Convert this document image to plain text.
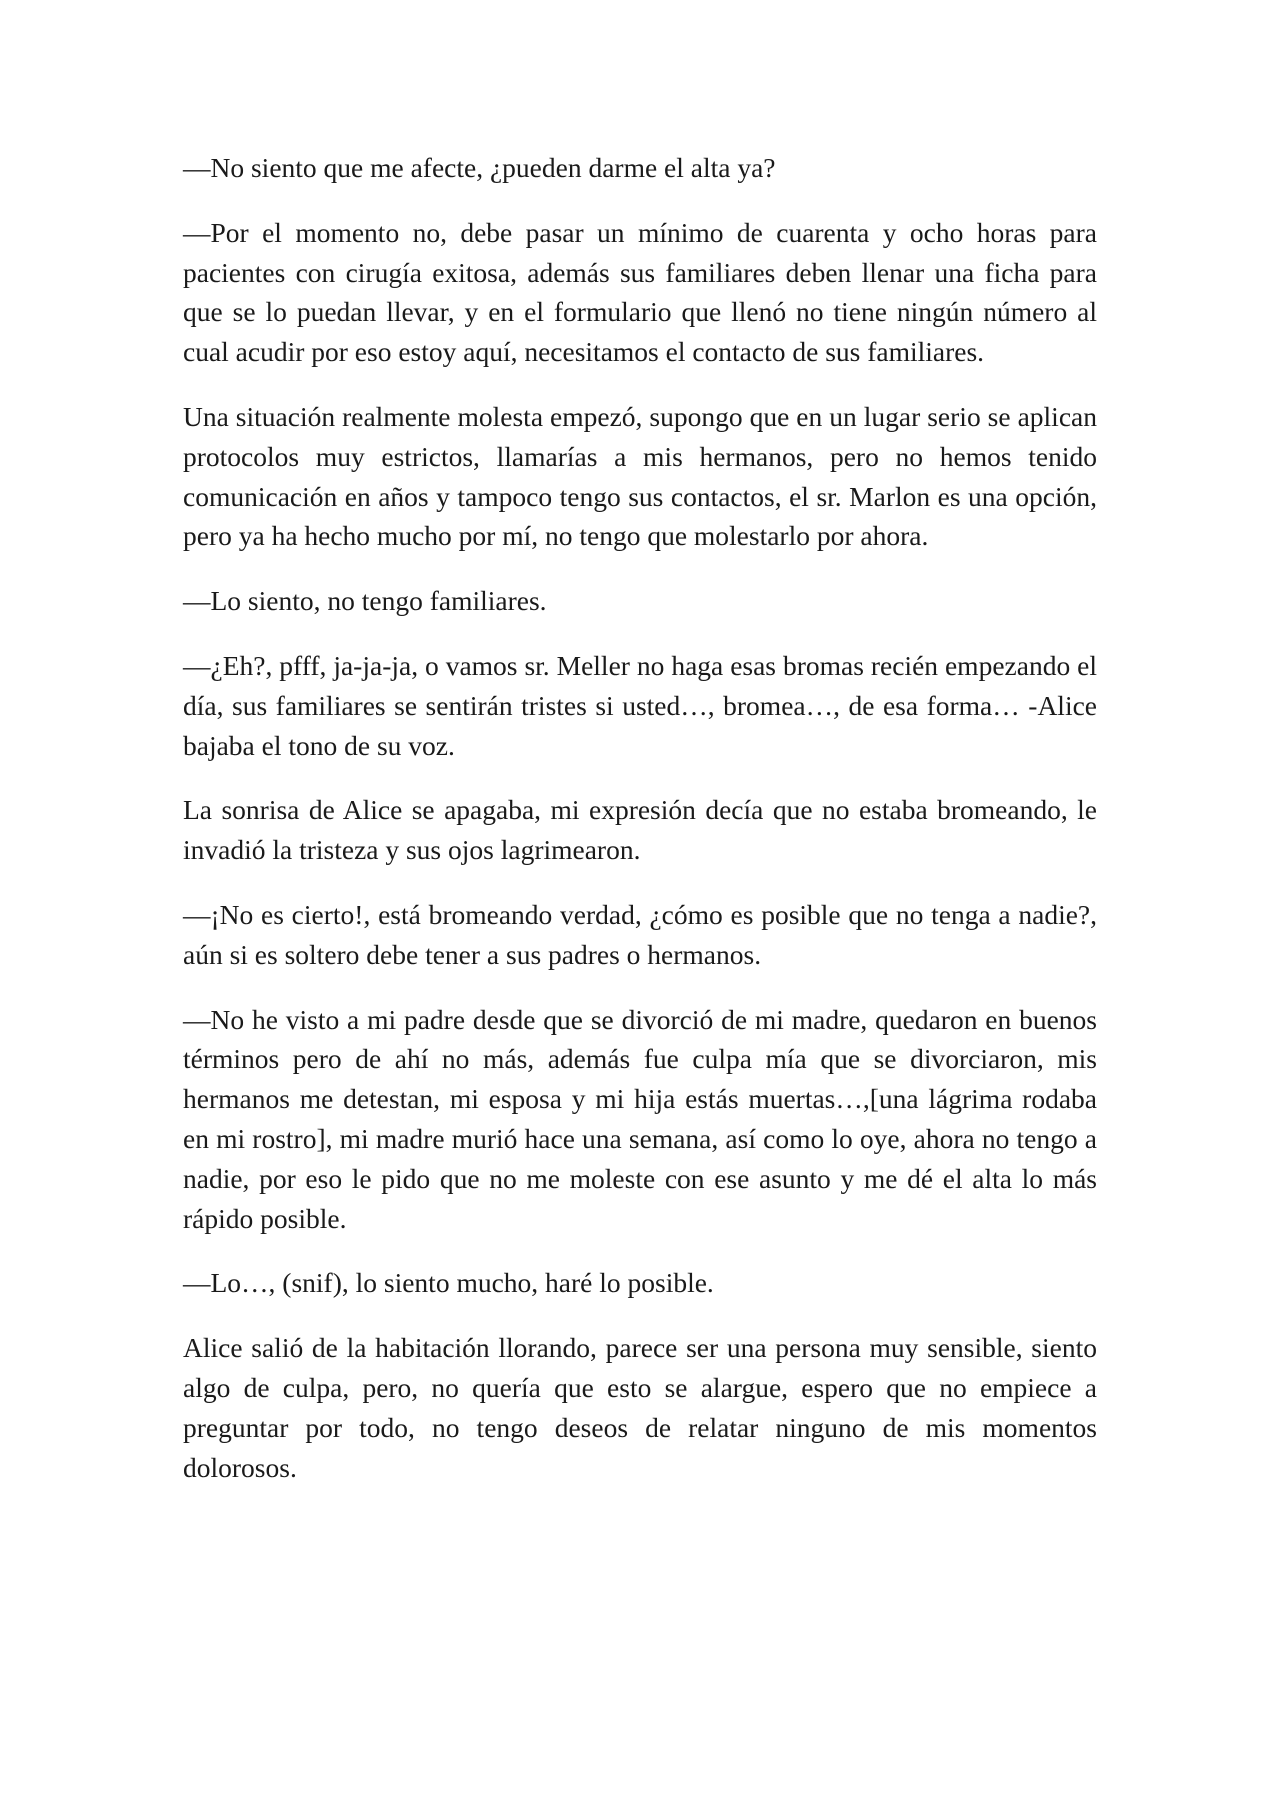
—No siento que me afecte, ¿pueden darme el alta ya?

—Por el momento no, debe pasar un mínimo de cuarenta y ocho horas para pacientes con cirugía exitosa, además sus familiares deben llenar una ficha para que se lo puedan llevar, y en el formulario que llenó no tiene ningún número al cual acudir por eso estoy aquí, necesitamos el contacto de sus familiares.

Una situación realmente molesta empezó, supongo que en un lugar serio se aplican protocolos muy estrictos, llamarías a mis hermanos, pero no hemos tenido comunicación en años y tampoco tengo sus contactos, el sr. Marlon es una opción, pero ya ha hecho mucho por mí, no tengo que molestarlo por ahora.

—Lo siento, no tengo familiares.

—¿Eh?, pfff, ja-ja-ja, o vamos sr. Meller no haga esas bromas recién empezando el día, sus familiares se sentirán tristes si usted…, bromea…, de esa forma… -Alice bajaba el tono de su voz.

La sonrisa de Alice se apagaba, mi expresión decía que no estaba bromeando, le invadió la tristeza y sus ojos lagrimearon.

—¡No es cierto!, está bromeando verdad, ¿cómo es posible que no tenga a nadie?, aún si es soltero debe tener a sus padres o hermanos.

—No he visto a mi padre desde que se divorció de mi madre, quedaron en buenos términos pero de ahí no más, además fue culpa mía que se divorciaron, mis hermanos me detestan, mi esposa y mi hija estás muertas…,[una lágrima rodaba en mi rostro], mi madre murió hace una semana, así como lo oye, ahora no tengo a nadie, por eso le pido que no me moleste con ese asunto y me dé el alta lo más rápido posible.

—Lo…, (snif), lo siento mucho, haré lo posible.

Alice salió de la habitación llorando, parece ser una persona muy sensible, siento algo de culpa, pero, no quería que esto se alargue, espero que no empiece a preguntar por todo, no tengo deseos de relatar ninguno de mis momentos dolorosos.
